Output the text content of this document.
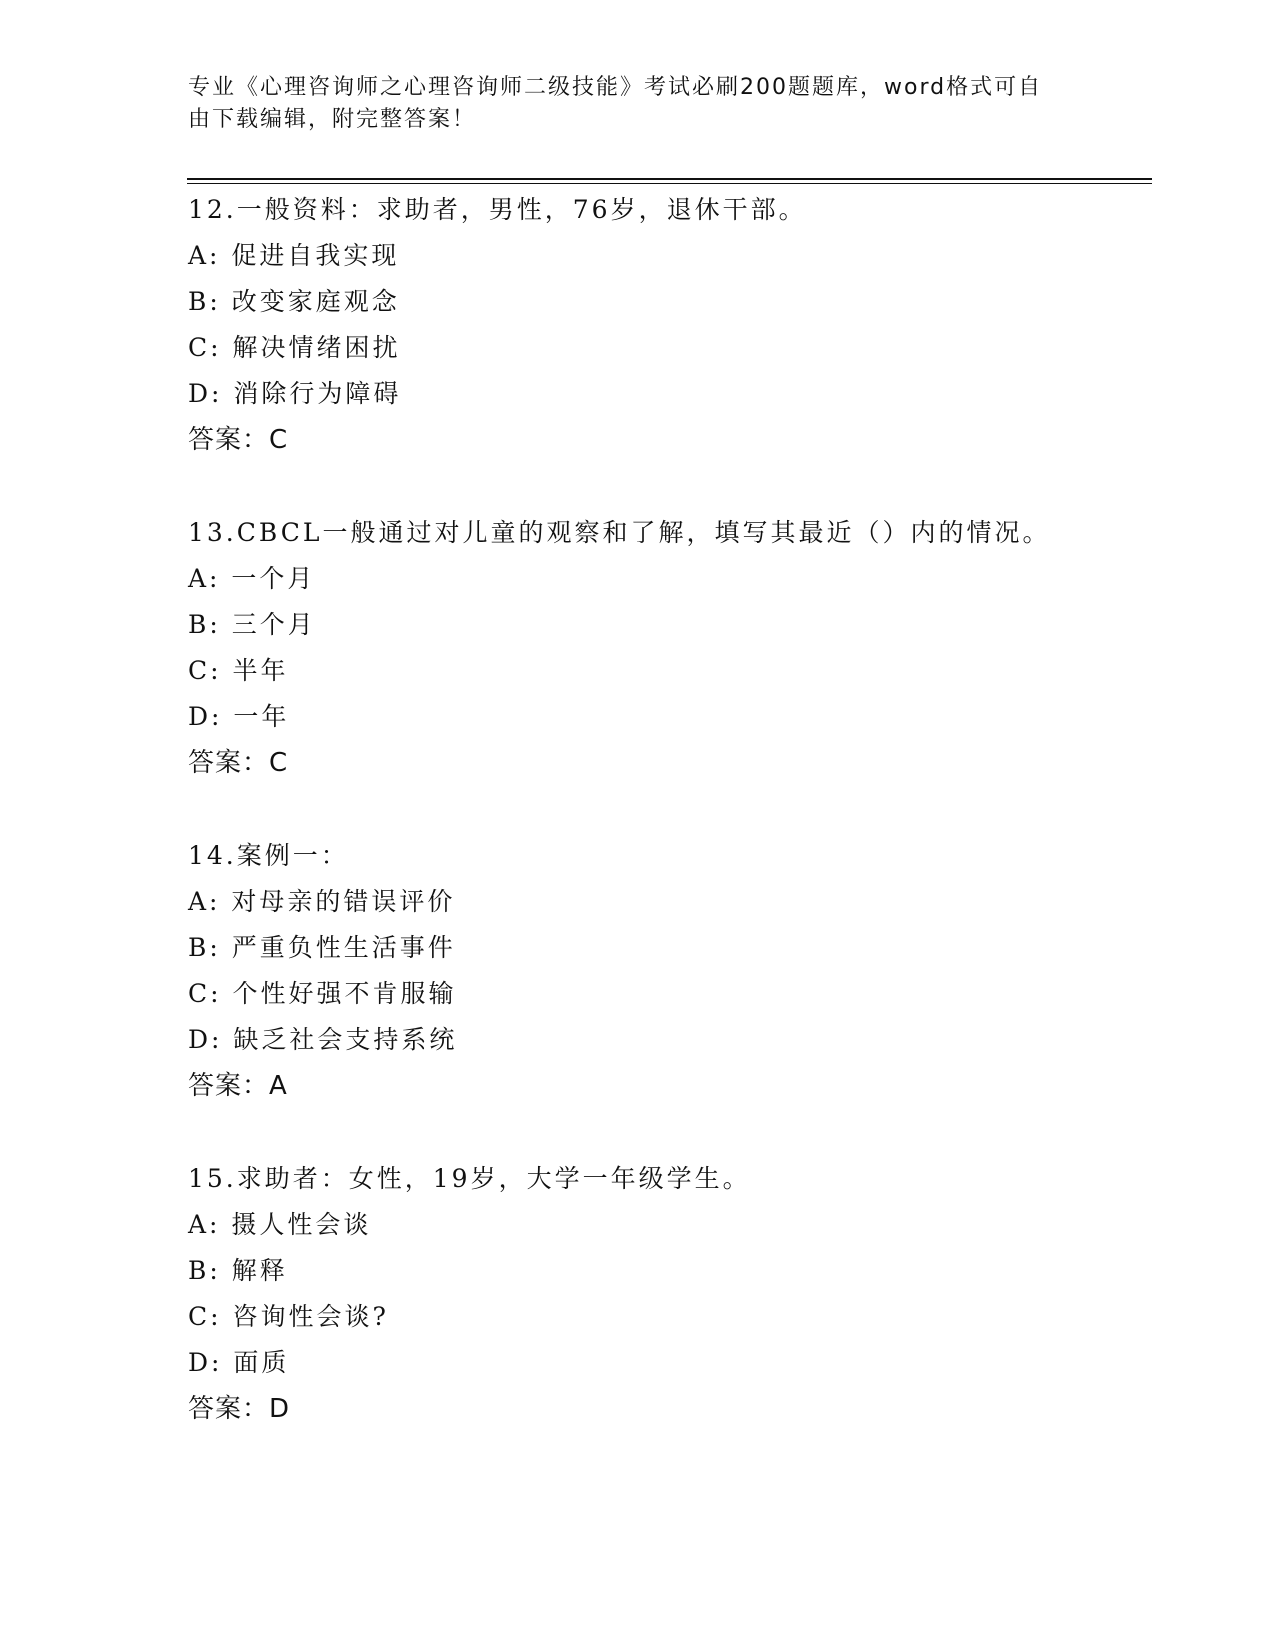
专业《心理咨询师之心理咨询师二级技能》考试必刷200题题库，word格式可自
由下载编辑，附完整答案！
12.一般资料：求助者，男性，76岁，退休干部。
A: 促进自我实现
B: 改变家庭观念
C: 解决情绪困扰
D: 消除行为障碍
答案：C
13.CBCL一般通过对儿童的观察和了解，填写其最近（）内的情况。
A: 一个月
B: 三个月
C: 半年
D: 一年
答案：C
14.案例一：
A: 对母亲的错误评价
B: 严重负性生活事件
C: 个性好强不肯服输
D: 缺乏社会支持系统
答案：A
15.求助者：女性，19岁，大学一年级学生。
A: 摄人性会谈
B: 解释
C: 咨询性会谈?
D: 面质
答案：D
